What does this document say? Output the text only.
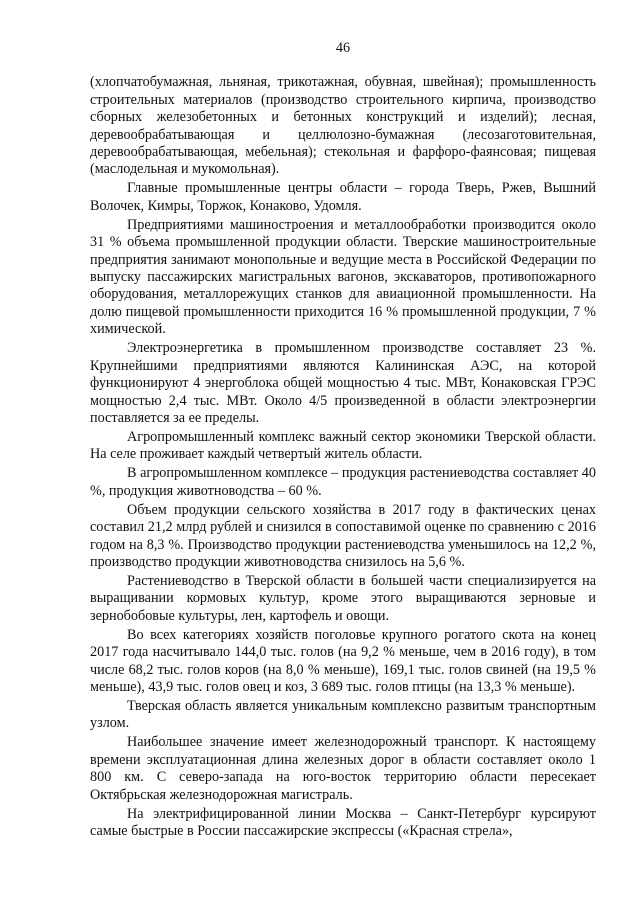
46

(хлопчатобумажная, льняная, трикотажная, обувная, швейная); промышленность строительных материалов (производство строительного кирпича, производство сборных железобетонных и бетонных конструкций и изделий); лесная, деревообрабатывающая и целлюлозно-бумажная (лесозаготовительная, деревообрабатывающая, мебельная); стекольная и фарфоро-фаянсовая; пищевая (маслодельная и мукомольная).

Главные промышленные центры области – города Тверь, Ржев, Вышний Волочек, Кимры, Торжок, Конаково, Удомля.

Предприятиями машиностроения и металлообработки производится около 31 % объема промышленной продукции области. Тверские машиностроительные предприятия занимают монопольные и ведущие места в Российской Федерации по выпуску пассажирских магистральных вагонов, экскаваторов, противопожарного оборудования, металлорежущих станков для авиационной промышленности. На долю пищевой промышленности приходится 16 % промышленной продукции, 7 % химической.

Электроэнергетика в промышленном производстве составляет 23 %. Крупнейшими предприятиями являются Калининская АЭС, на которой функционируют 4 энергоблока общей мощностью 4 тыс. МВт, Конаковская ГРЭС мощностью 2,4 тыс. МВт. Около 4/5 произведенной в области электроэнергии поставляется за ее пределы.

Агропромышленный комплекс важный сектор экономики Тверской области. На селе проживает каждый четвертый житель области.

В агропромышленном комплексе – продукция растениеводства составляет 40 %, продукция животноводства – 60 %.

Объем продукции сельского хозяйства в 2017 году в фактических ценах составил 21,2 млрд рублей и снизился в сопоставимой оценке по сравнению с 2016 годом на 8,3 %. Производство продукции растениеводства уменьшилось на 12,2 %, производство продукции животноводства снизилось на 5,6 %.

Растениеводство в Тверской области в большей части специализируется на выращивании кормовых культур, кроме этого выращиваются зерновые и зернобобовые культуры, лен, картофель и овощи.

Во всех категориях хозяйств поголовье крупного рогатого скота на конец 2017 года насчитывало 144,0 тыс. голов (на 9,2 % меньше, чем в 2016 году), в том числе 68,2 тыс. голов коров (на 8,0 % меньше), 169,1 тыс. голов свиней (на 19,5 % меньше), 43,9 тыс. голов овец и коз, 3 689 тыс. голов птицы (на 13,3 % меньше).

Тверская область является уникальным комплексно развитым транспортным узлом.

Наибольшее значение имеет железнодорожный транспорт. К настоящему времени эксплуатационная длина железных дорог в области составляет около 1 800 км. С северо-запада на юго-восток территорию области пересекает Октябрьская железнодорожная магистраль.

На электрифицированной линии Москва – Санкт-Петербург курсируют самые быстрые в России пассажирские экспрессы («Красная стрела»,
